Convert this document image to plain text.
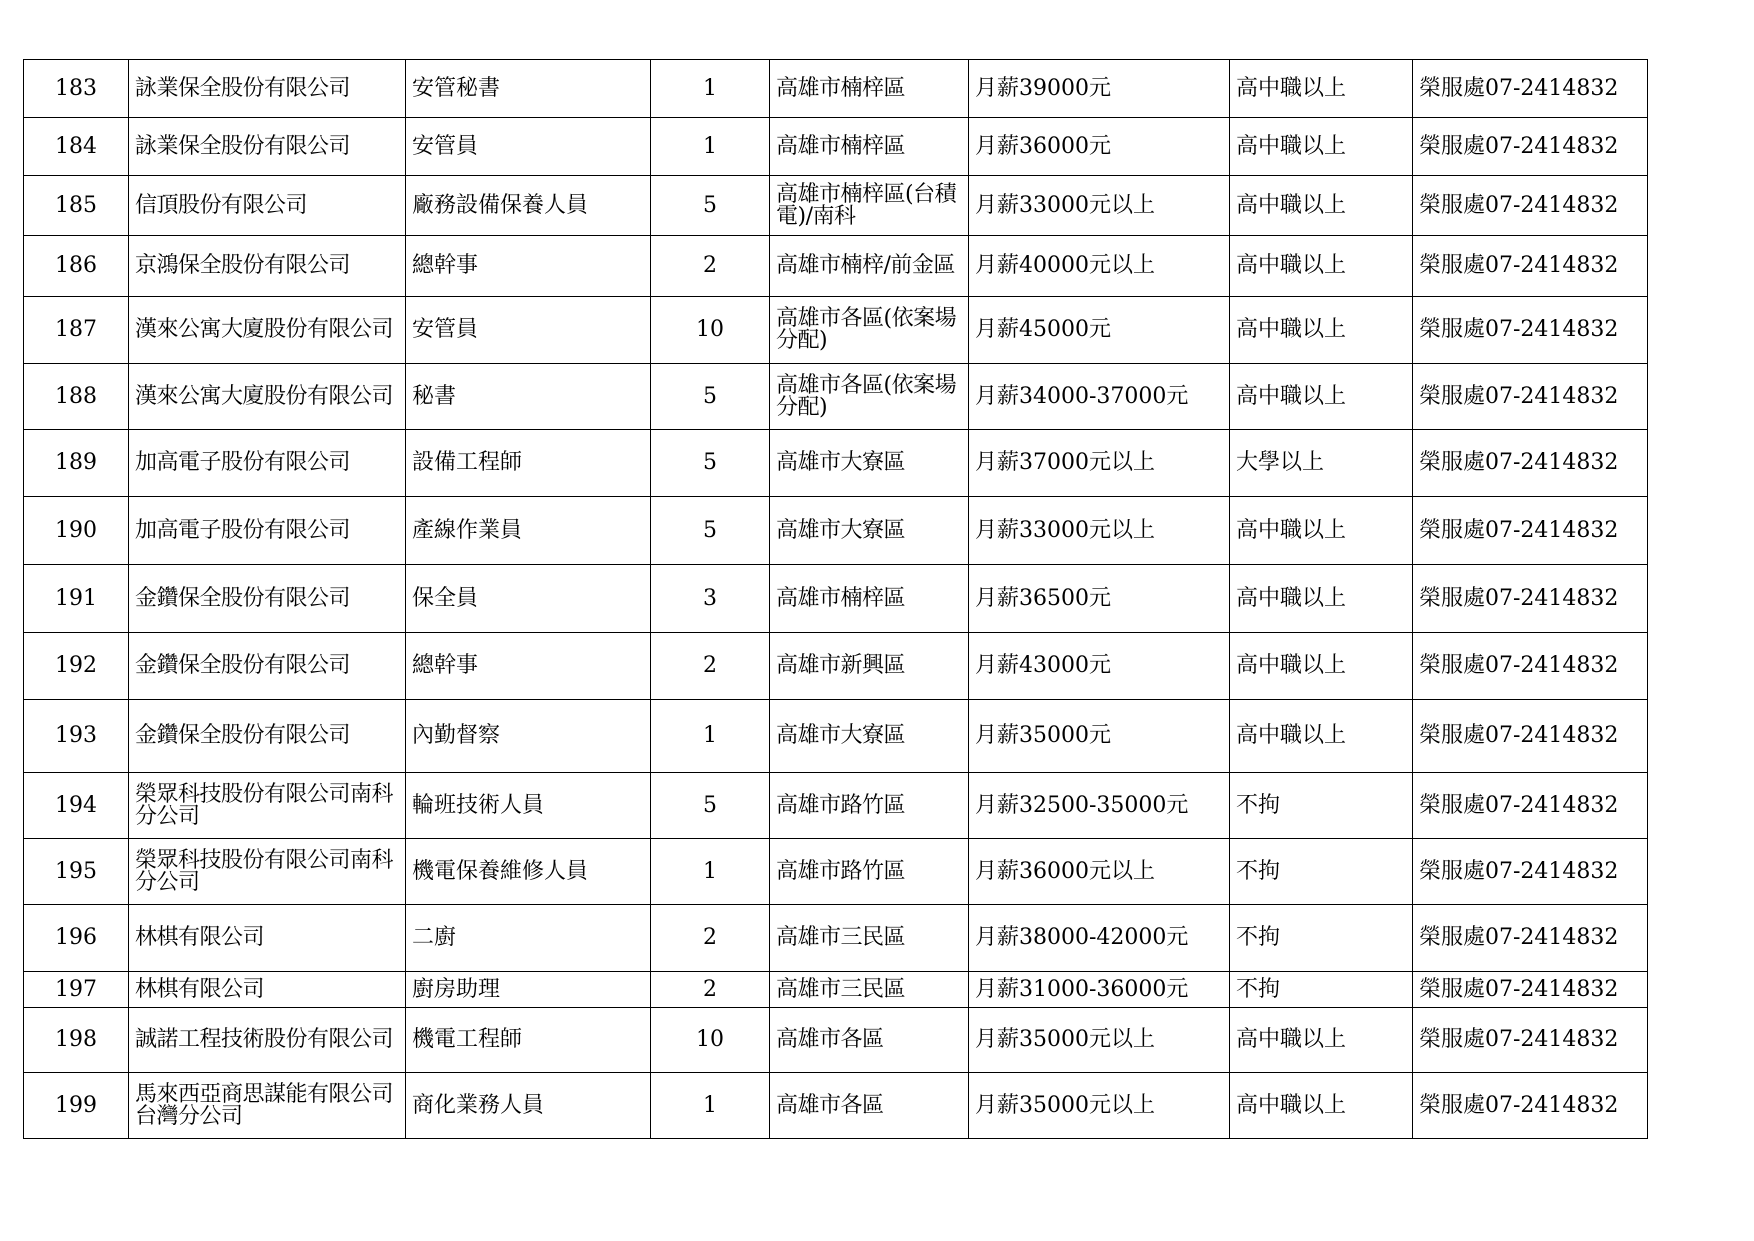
183	詠業保全股份有限公司	安管秘書	1	高雄市楠梓區	月薪39000元	高中職以上	榮服處07-2414832
184	詠業保全股份有限公司	安管員	1	高雄市楠梓區	月薪36000元	高中職以上	榮服處07-2414832
185	信頂股份有限公司	廠務設備保養人員	5	高雄市楠梓區(台積電)/南科	月薪33000元以上	高中職以上	榮服處07-2414832
186	京鴻保全股份有限公司	總幹事	2	高雄市楠梓/前金區	月薪40000元以上	高中職以上	榮服處07-2414832
187	漢來公寓大廈股份有限公司	安管員	10	高雄市各區(依案場分配)	月薪45000元	高中職以上	榮服處07-2414832
188	漢來公寓大廈股份有限公司	秘書	5	高雄市各區(依案場分配)	月薪34000-37000元	高中職以上	榮服處07-2414832
189	加高電子股份有限公司	設備工程師	5	高雄市大寮區	月薪37000元以上	大學以上	榮服處07-2414832
190	加高電子股份有限公司	產線作業員	5	高雄市大寮區	月薪33000元以上	高中職以上	榮服處07-2414832
191	金鑽保全股份有限公司	保全員	3	高雄市楠梓區	月薪36500元	高中職以上	榮服處07-2414832
192	金鑽保全股份有限公司	總幹事	2	高雄市新興區	月薪43000元	高中職以上	榮服處07-2414832
193	金鑽保全股份有限公司	內勤督察	1	高雄市大寮區	月薪35000元	高中職以上	榮服處07-2414832
194	榮眾科技股份有限公司南科分公司	輪班技術人員	5	高雄市路竹區	月薪32500-35000元	不拘	榮服處07-2414832
195	榮眾科技股份有限公司南科分公司	機電保養維修人員	1	高雄市路竹區	月薪36000元以上	不拘	榮服處07-2414832
196	林棋有限公司	二廚	2	高雄市三民區	月薪38000-42000元	不拘	榮服處07-2414832
197	林棋有限公司	廚房助理	2	高雄市三民區	月薪31000-36000元	不拘	榮服處07-2414832
198	誠諾工程技術股份有限公司	機電工程師	10	高雄市各區	月薪35000元以上	高中職以上	榮服處07-2414832
199	馬來西亞商思謀能有限公司台灣分公司	商化業務人員	1	高雄市各區	月薪35000元以上	高中職以上	榮服處07-2414832
